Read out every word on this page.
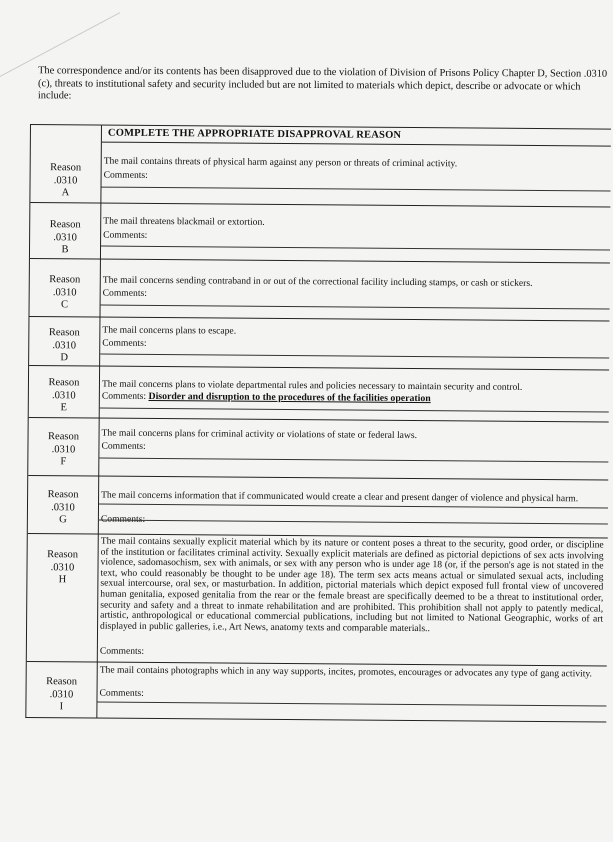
The correspondence and/or its contents has been disapproved due to the violation of Division of Prisons Policy Chapter D, Section .0310 (c), threats to institutional safety and security included but are not limited to materials which depict, describe or advocate or which include:
COMPLETE THE APPROPRIATE DISAPPROVAL REASON
Reason
.0310
A
The mail contains threats of physical harm against any person or threats of criminal activity.
Comments:
Reason
.0310
B
The mail threatens blackmail or extortion.
Comments:
Reason
.0310
C
The mail concerns sending contraband in or out of the correctional facility including stamps, or cash or stickers.
Comments:
Reason
.0310
D
The mail concerns plans to escape.
Comments:
Reason
.0310
E
The mail concerns plans to violate departmental rules and policies necessary to maintain security and control.
Comments: Disorder and disruption to the procedures of the facilities operation
Reason
.0310
F
The mail concerns plans for criminal activity or violations of state or federal laws.
Comments:
Reason
.0310
G
The mail concerns information that if communicated would create a clear and present danger of violence and physical harm.
Comments:
Reason
.0310
H
The mail contains sexually explicit material which by its nature or content poses a threat to the security, good order, or discipline of the institution or facilitates criminal activity. Sexually explicit materials are defined as pictorial depictions of sex acts involving violence, sadomasochism, sex with animals, or sex with any person who is under age 18 (or, if the person's age is not stated in the text, who could reasonably be thought to be under age 18). The term sex acts means actual or simulated sexual acts, including sexual intercourse, oral sex, or masturbation. In addition, pictorial materials which depict exposed full frontal view of uncovered human genitalia, exposed genitalia from the rear or the female breast are specifically deemed to be a threat to institutional order, security and safety and a threat to inmate rehabilitation and are prohibited. This prohibition shall not apply to patently medical, artistic, anthropological or educational commercial publications, including but not limited to National Geographic, works of art displayed in public galleries, i.e., Art News, anatomy texts and comparable materials..
Comments:
Reason
.0310
I
The mail contains photographs which in any way supports, incites, promotes, encourages or advocates any type of gang activity.
Comments:
